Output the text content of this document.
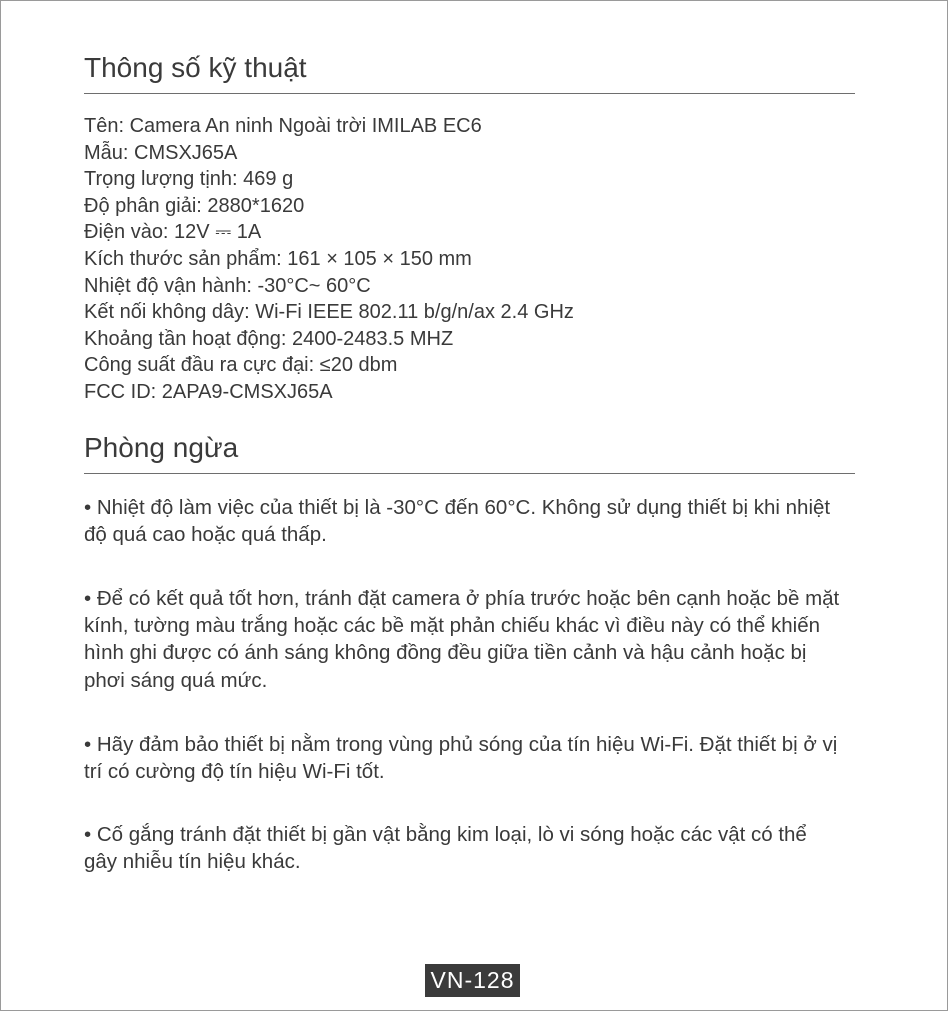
Thông số kỹ thuật
Tên: Camera An ninh Ngoài trời IMILAB EC6
Mẫu: CMSXJ65A
Trọng lượng tịnh: 469 g
Độ phân giải: 2880*1620
Điện vào: 12V ⎓ 1A
Kích thước sản phẩm: 161 × 105 × 150 mm
Nhiệt độ vận hành: -30°C~ 60°C
Kết nối không dây: Wi-Fi IEEE 802.11 b/g/n/ax 2.4 GHz
Khoảng tần hoạt động: 2400-2483.5 MHZ
Công suất đầu ra cực đại: ≤20 dbm
FCC ID: 2APA9-CMSXJ65A
Phòng ngừa

• Nhiệt độ làm việc của thiết bị là -30°C đến 60°C. Không sử dụng thiết bị khi nhiệt độ quá cao hoặc quá thấp.

• Để có kết quả tốt hơn, tránh đặt camera ở phía trước hoặc bên cạnh hoặc bề mặt kính, tường màu trắng hoặc các bề mặt phản chiếu khác vì điều này có thể khiến hình ghi được có ánh sáng không đồng đều giữa tiền cảnh và hậu cảnh hoặc bị phơi sáng quá mức.

• Hãy đảm bảo thiết bị nằm trong vùng phủ sóng của tín hiệu Wi-Fi. Đặt thiết bị ở vị trí có cường độ tín hiệu Wi-Fi tốt.

• Cố gắng tránh đặt thiết bị gần vật bằng kim loại, lò vi sóng hoặc các vật có thể gây nhiễu tín hiệu khác.

VN-128
